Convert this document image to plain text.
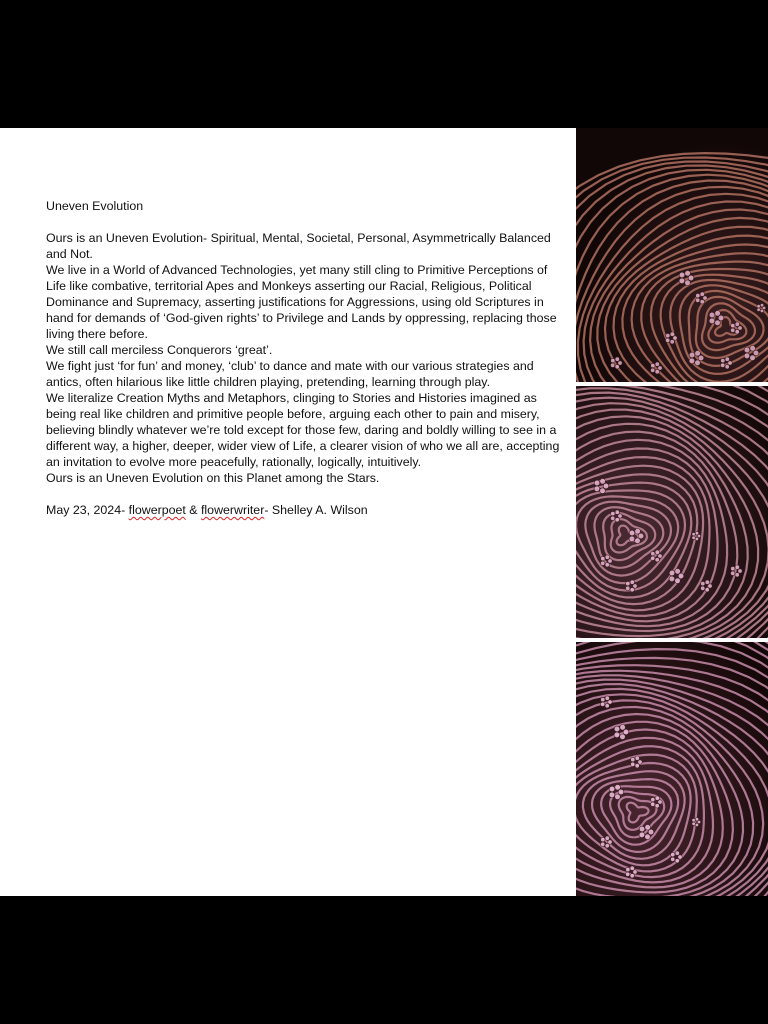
Uneven Evolution

Ours is an Uneven Evolution- Spiritual, Mental, Societal, Personal, Asymmetrically Balanced and Not.

We live in a World of Advanced Technologies, yet many still cling to Primitive Perceptions of Life like combative, territorial Apes and Monkeys asserting our Racial, Religious, Political Dominance and Supremacy, asserting justifications for Aggressions, using old Scriptures in hand for demands of ‘God-given rights’ to Privilege and Lands by oppressing, replacing those living there before.

We still call merciless Conquerors ‘great’.

We fight just ‘for fun’ and money, ‘club’ to dance and mate with our various strategies and antics, often hilarious like little children playing, pretending, learning through play.

We literalize Creation Myths and Metaphors, clinging to Stories and Histories imagined as being real like children and primitive people before, arguing each other to pain and misery, believing blindly whatever we’re told except for those few, daring and boldly willing to see in a different way, a higher, deeper, wider view of Life, a clearer vision of who we all are, accepting an invitation to evolve more peacefully, rationally, logically, intuitively.

Ours is an Uneven Evolution on this Planet among the Stars.

May 23, 2024- flowerpoet & flowerwriter- Shelley A. Wilson
